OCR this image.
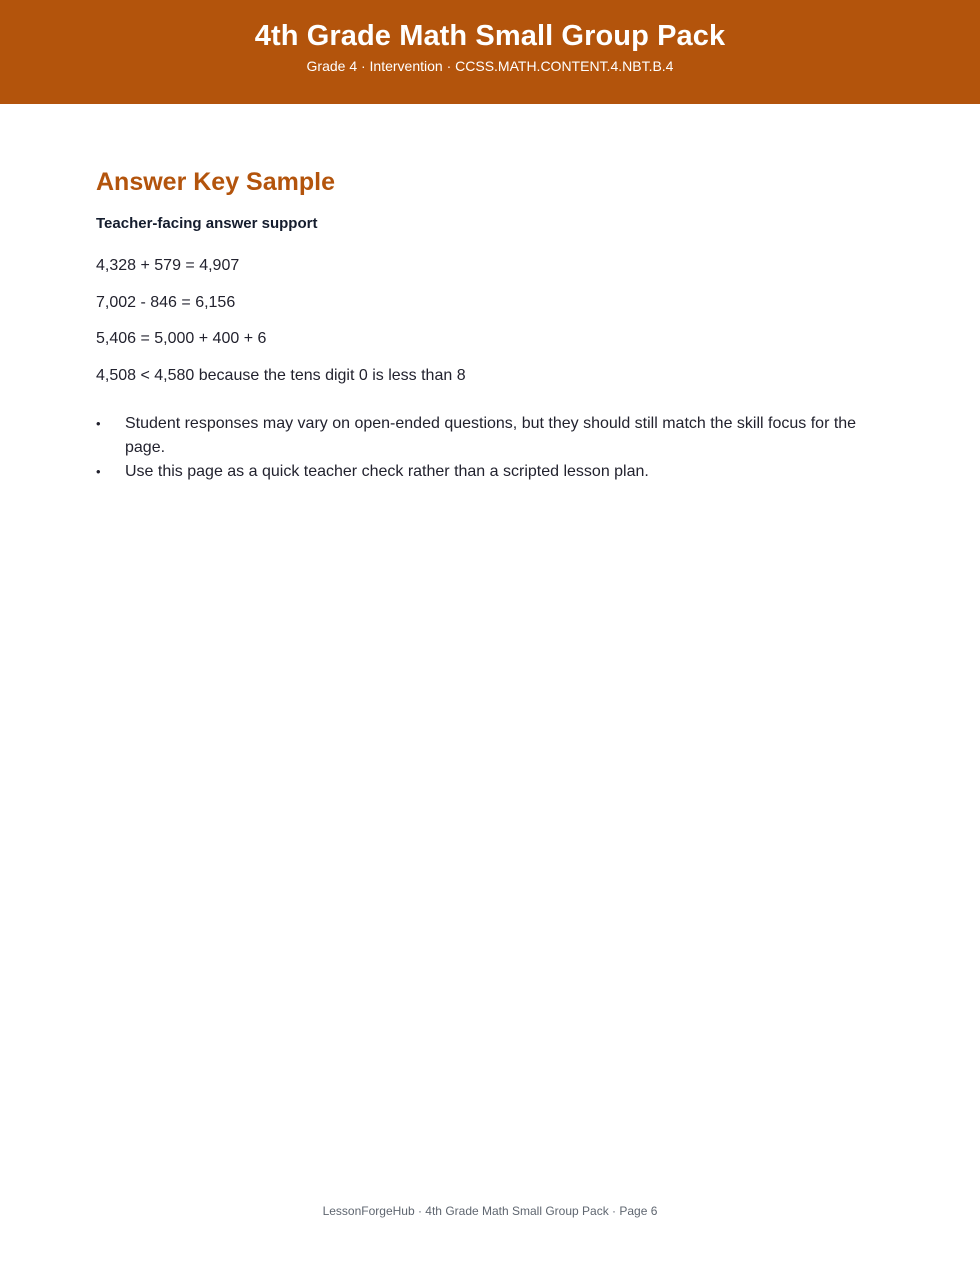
4th Grade Math Small Group Pack
Grade 4 · Intervention · CCSS.MATH.CONTENT.4.NBT.B.4
Answer Key Sample
Teacher-facing answer support
4,328 + 579 = 4,907
7,002 - 846 = 6,156
5,406 = 5,000 + 400 + 6
4,508 < 4,580 because the tens digit 0 is less than 8
•	Student responses may vary on open-ended questions, but they should still match the skill focus for the page.
•	Use this page as a quick teacher check rather than a scripted lesson plan.
LessonForgeHub · 4th Grade Math Small Group Pack · Page 6
